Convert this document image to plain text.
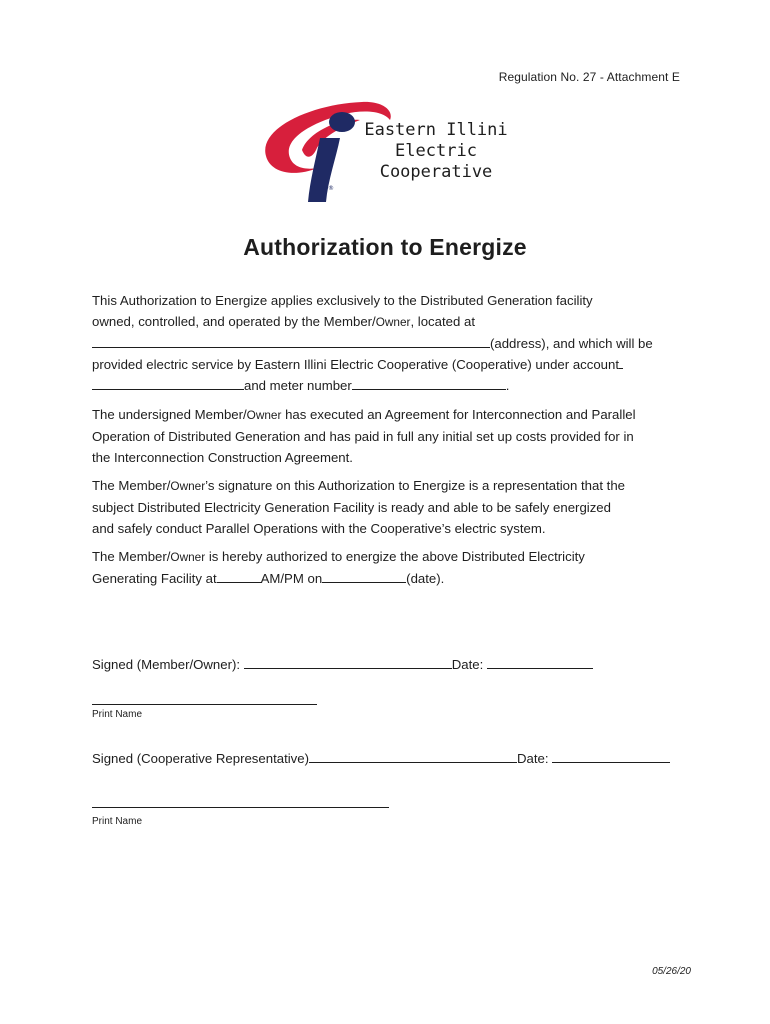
Regulation No. 27 - Attachment E
®
Eastern Illini
Electric
Cooperative
Authorization to Energize
This Authorization to Energize applies exclusively to the Distributed Generation facility
owned, controlled, and operated by the Member/Owner, located at
(address), and which will be
provided electric service by Eastern Illini Electric Cooperative (Cooperative) under account
and meter number	.
The undersigned Member/Owner has executed an Agreement for Interconnection and Parallel
Operation of Distributed Generation and has paid in full any initial set up costs provided for in
the Interconnection Construction Agreement.
The Member/Owner’s signature on this Authorization to Energize is a representation that the
subject Distributed Electricity Generation Facility is ready and able to be safely energized
and safely conduct Parallel Operations with the Cooperative’s electric system.
The Member/Owner is hereby authorized to energize the above Distributed Electricity
Generating Facility at	AM/PM on	(date).
Signed (Member/Owner):	Date:
Print Name
Signed (Cooperative Representative)	Date:
Print Name
05/26/20
